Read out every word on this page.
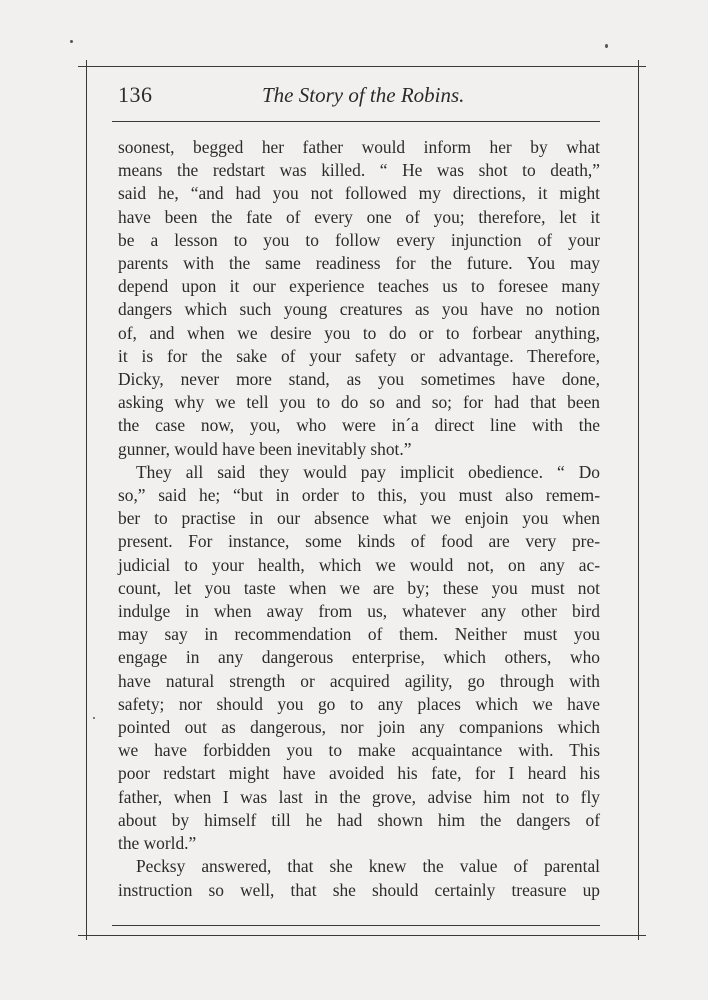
136	The Story of the Robins.
soonest, begged her father would inform her by what
means the redstart was killed. “ He was shot to death,”
said he, “and had you not followed my directions, it might
have been the fate of every one of you; therefore, let it
be a lesson to you to follow every injunction of your
parents with the same readiness for the future. You may
depend upon it our experience teaches us to foresee many
dangers which such young creatures as you have no notion
of, and when we desire you to do or to forbear anything,
it is for the sake of your safety or advantage. Therefore,
Dicky, never more stand, as you sometimes have done,
asking why we tell you to do so and so; for had that been
the case now, you, who were in´a direct line with the
gunner, would have been inevitably shot.”
They all said they would pay implicit obedience. “ Do
so,” said he; “but in order to this, you must also remem-
ber to practise in our absence what we enjoin you when
present. For instance, some kinds of food are very pre-
judicial to your health, which we would not, on any ac-
count, let you taste when we are by; these you must not
indulge in when away from us, whatever any other bird
may say in recommendation of them. Neither must you
engage in any dangerous enterprise, which others, who
have natural strength or acquired agility, go through with
safety; nor should you go to any places which we have
pointed out as dangerous, nor join any companions which
we have forbidden you to make acquaintance with. This
poor redstart might have avoided his fate, for I heard his
father, when I was last in the grove, advise him not to fly
about by himself till he had shown him the dangers of
the world.”
Pecksy answered, that she knew the value of parental
instruction so well, that she should certainly treasure up
